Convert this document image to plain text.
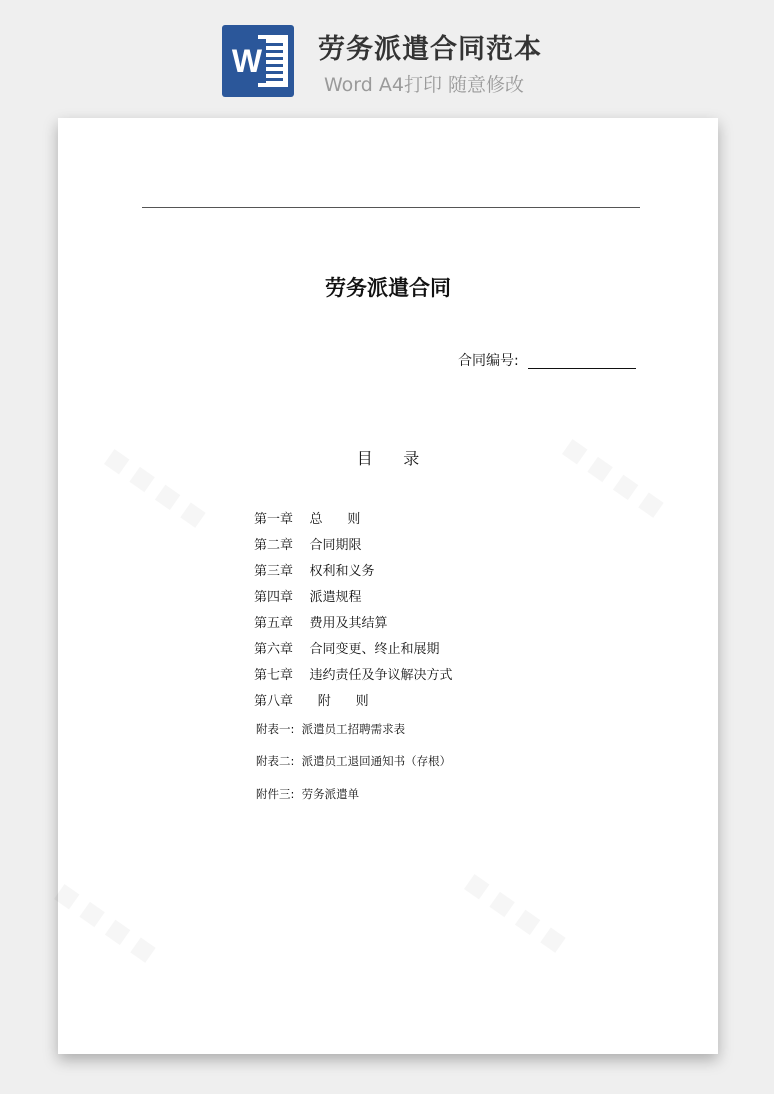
W 劳务派遣合同范本
Word A4打印 随意修改
劳务派遣合同
合同编号:
目      录
第一章    总      则
第二章    合同期限
第三章    权利和义务
第四章    派遣规程
第五章    费用及其结算
第六章    合同变更、终止和展期
第七章    违约责任及争议解决方式
第八章      附      则
附表一:  派遣员工招聘需求表
附表二:  派遣员工退回通知书（存根）
附件三:  劳务派遣单
